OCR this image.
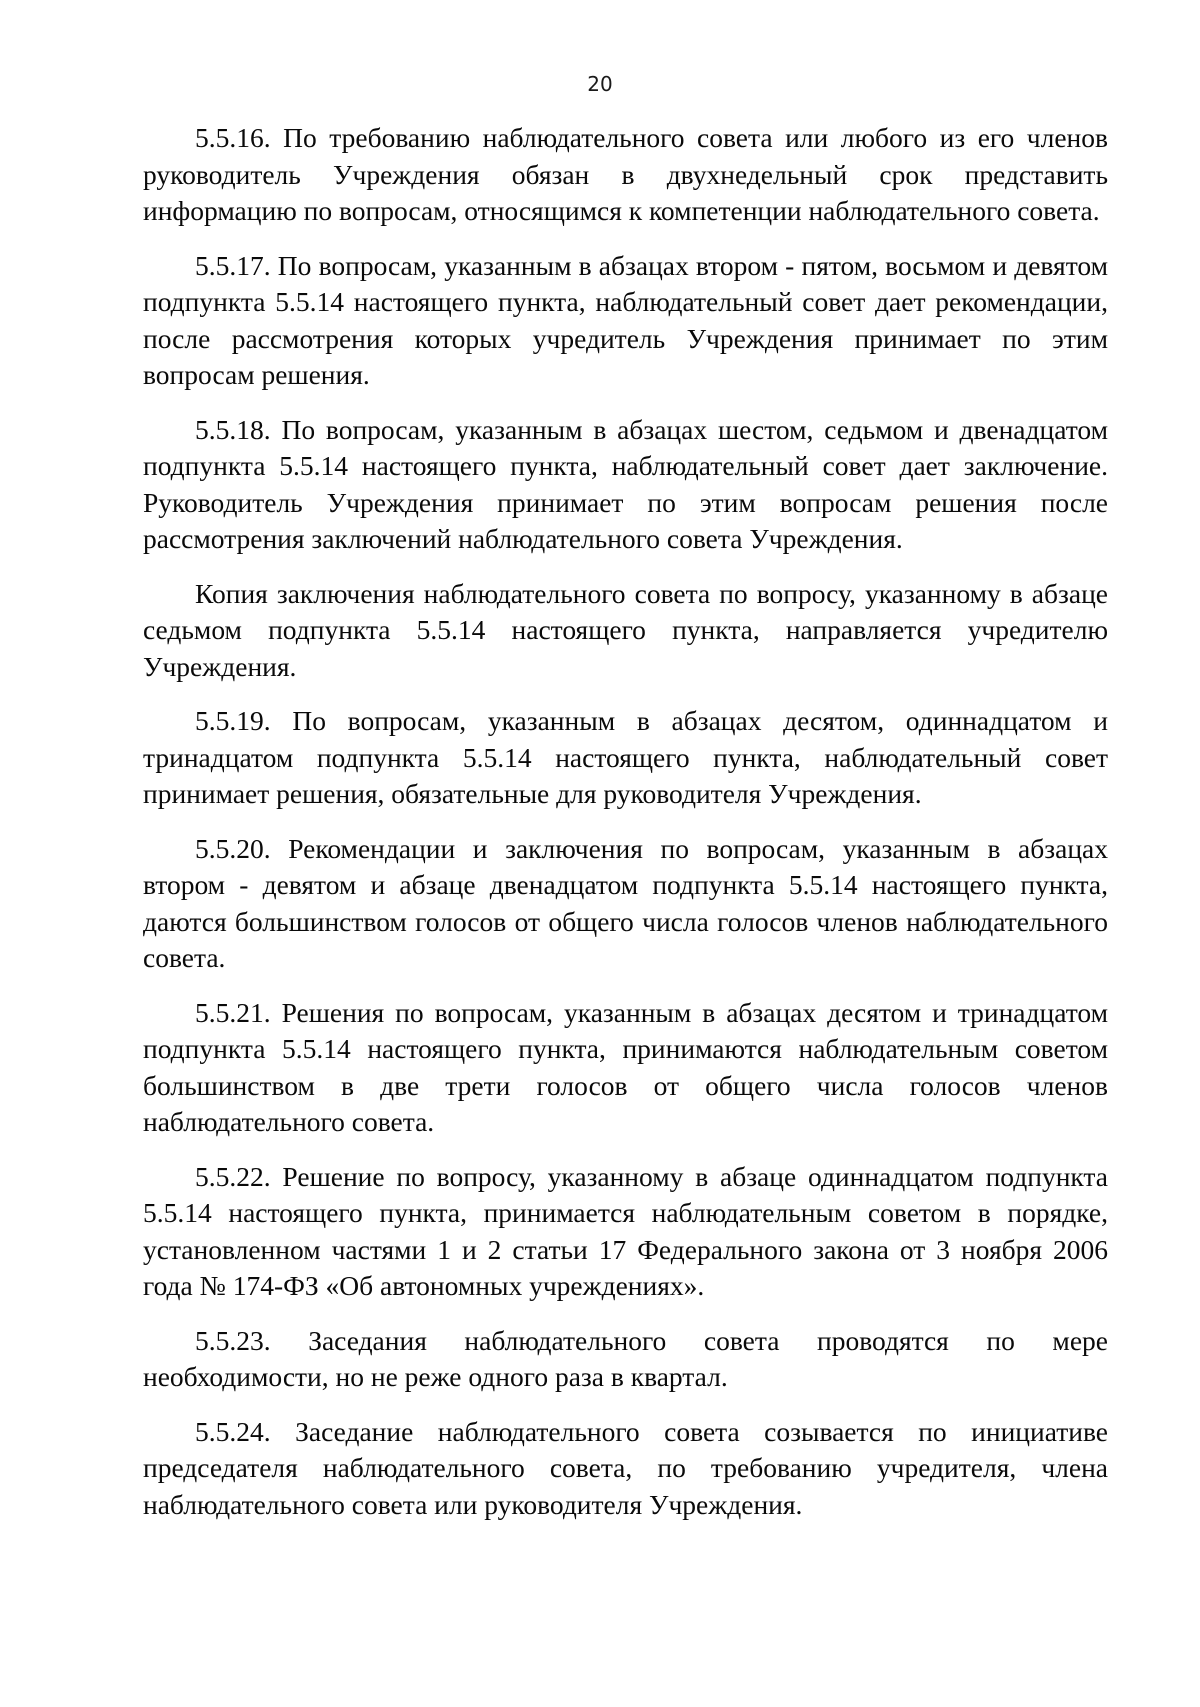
20

5.5.16. По требованию наблюдательного совета или любого из его членов руководитель Учреждения обязан в двухнедельный срок представить информацию по вопросам, относящимся к компетенции наблюдательного совета.

5.5.17. По вопросам, указанным в абзацах втором - пятом, восьмом и девятом подпункта 5.5.14 настоящего пункта, наблюдательный совет дает рекомендации, после рассмотрения которых учредитель Учреждения принимает по этим вопросам решения.

5.5.18. По вопросам, указанным в абзацах шестом, седьмом и двенадцатом подпункта 5.5.14 настоящего пункта, наблюдательный совет дает заключение. Руководитель Учреждения принимает по этим вопросам решения после рассмотрения заключений наблюдательного совета Учреждения.

Копия заключения наблюдательного совета по вопросу, указанному в абзаце седьмом подпункта 5.5.14 настоящего пункта, направляется учредителю Учреждения.

5.5.19. По вопросам, указанным в абзацах десятом, одиннадцатом и тринадцатом подпункта 5.5.14 настоящего пункта, наблюдательный совет принимает решения, обязательные для руководителя Учреждения.

5.5.20. Рекомендации и заключения по вопросам, указанным в абзацах втором - девятом и абзаце двенадцатом подпункта 5.5.14 настоящего пункта, даются большинством голосов от общего числа голосов членов наблюдательного совета.

5.5.21. Решения по вопросам, указанным в абзацах десятом и тринадцатом подпункта 5.5.14 настоящего пункта, принимаются наблюдательным советом большинством в две трети голосов от общего числа голосов членов наблюдательного совета.

5.5.22. Решение по вопросу, указанному в абзаце одиннадцатом подпункта 5.5.14 настоящего пункта, принимается наблюдательным советом в порядке, установленном частями 1 и 2 статьи 17 Федерального закона от 3 ноября 2006 года № 174-ФЗ «Об автономных учреждениях».

5.5.23. Заседания наблюдательного совета проводятся по мере необходимости, но не реже одного раза в квартал.

5.5.24. Заседание наблюдательного совета созывается по инициативе председателя наблюдательного совета, по требованию учредителя, члена наблюдательного совета или руководителя Учреждения.
